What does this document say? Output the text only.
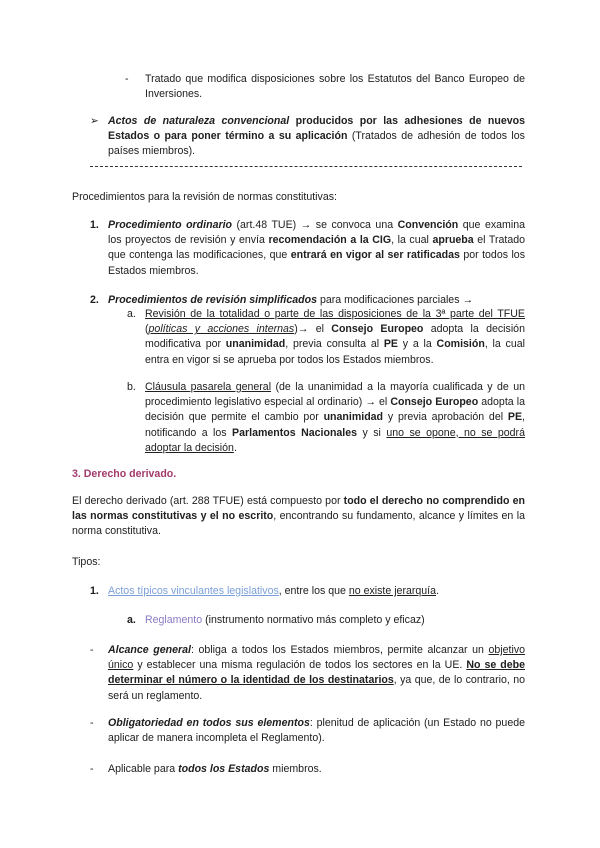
- Tratado que modifica disposiciones sobre los Estatutos del Banco Europeo de Inversiones.
➢ Actos de naturaleza convencional producidos por las adhesiones de nuevos Estados o para poner término a su aplicación (Tratados de adhesión de todos los países miembros).
Procedimientos para la revisión de normas constitutivas:
1. Procedimiento ordinario (art.48 TUE) → se convoca una Convención que examina los proyectos de revisión y envía recomendación a la CIG, la cual aprueba el Tratado que contenga las modificaciones, que entrará en vigor al ser ratificadas por todos los Estados miembros.
2. Procedimientos de revisión simplificados para modificaciones parciales →
a. Revisión de la totalidad o parte de las disposiciones de la 3ª parte del TFUE (políticas y acciones internas)→ el Consejo Europeo adopta la decisión modificativa por unanimidad, previa consulta al PE y a la Comisión, la cual entra en vigor si se aprueba por todos los Estados miembros.
b. Cláusula pasarela general (de la unanimidad a la mayoría cualificada y de un procedimiento legislativo especial al ordinario) → el Consejo Europeo adopta la decisión que permite el cambio por unanimidad y previa aprobación del PE, notificando a los Parlamentos Nacionales y si uno se opone, no se podrá adoptar la decisión.
3. Derecho derivado.
El derecho derivado (art. 288 TFUE) está compuesto por todo el derecho no comprendido en las normas constitutivas y el no escrito, encontrando su fundamento, alcance y límites en la norma constitutiva.
Tipos:
1. Actos típicos vinculantes legislativos, entre los que no existe jerarquía.
a. Reglamento (instrumento normativo más completo y eficaz)
- Alcance general: obliga a todos los Estados miembros, permite alcanzar un objetivo único y establecer una misma regulación de todos los sectores en la UE. No se debe determinar el número o la identidad de los destinatarios, ya que, de lo contrario, no será un reglamento.
- Obligatoriedad en todos sus elementos: plenitud de aplicación (un Estado no puede aplicar de manera incompleta el Reglamento).
- Aplicable para todos los Estados miembros.
